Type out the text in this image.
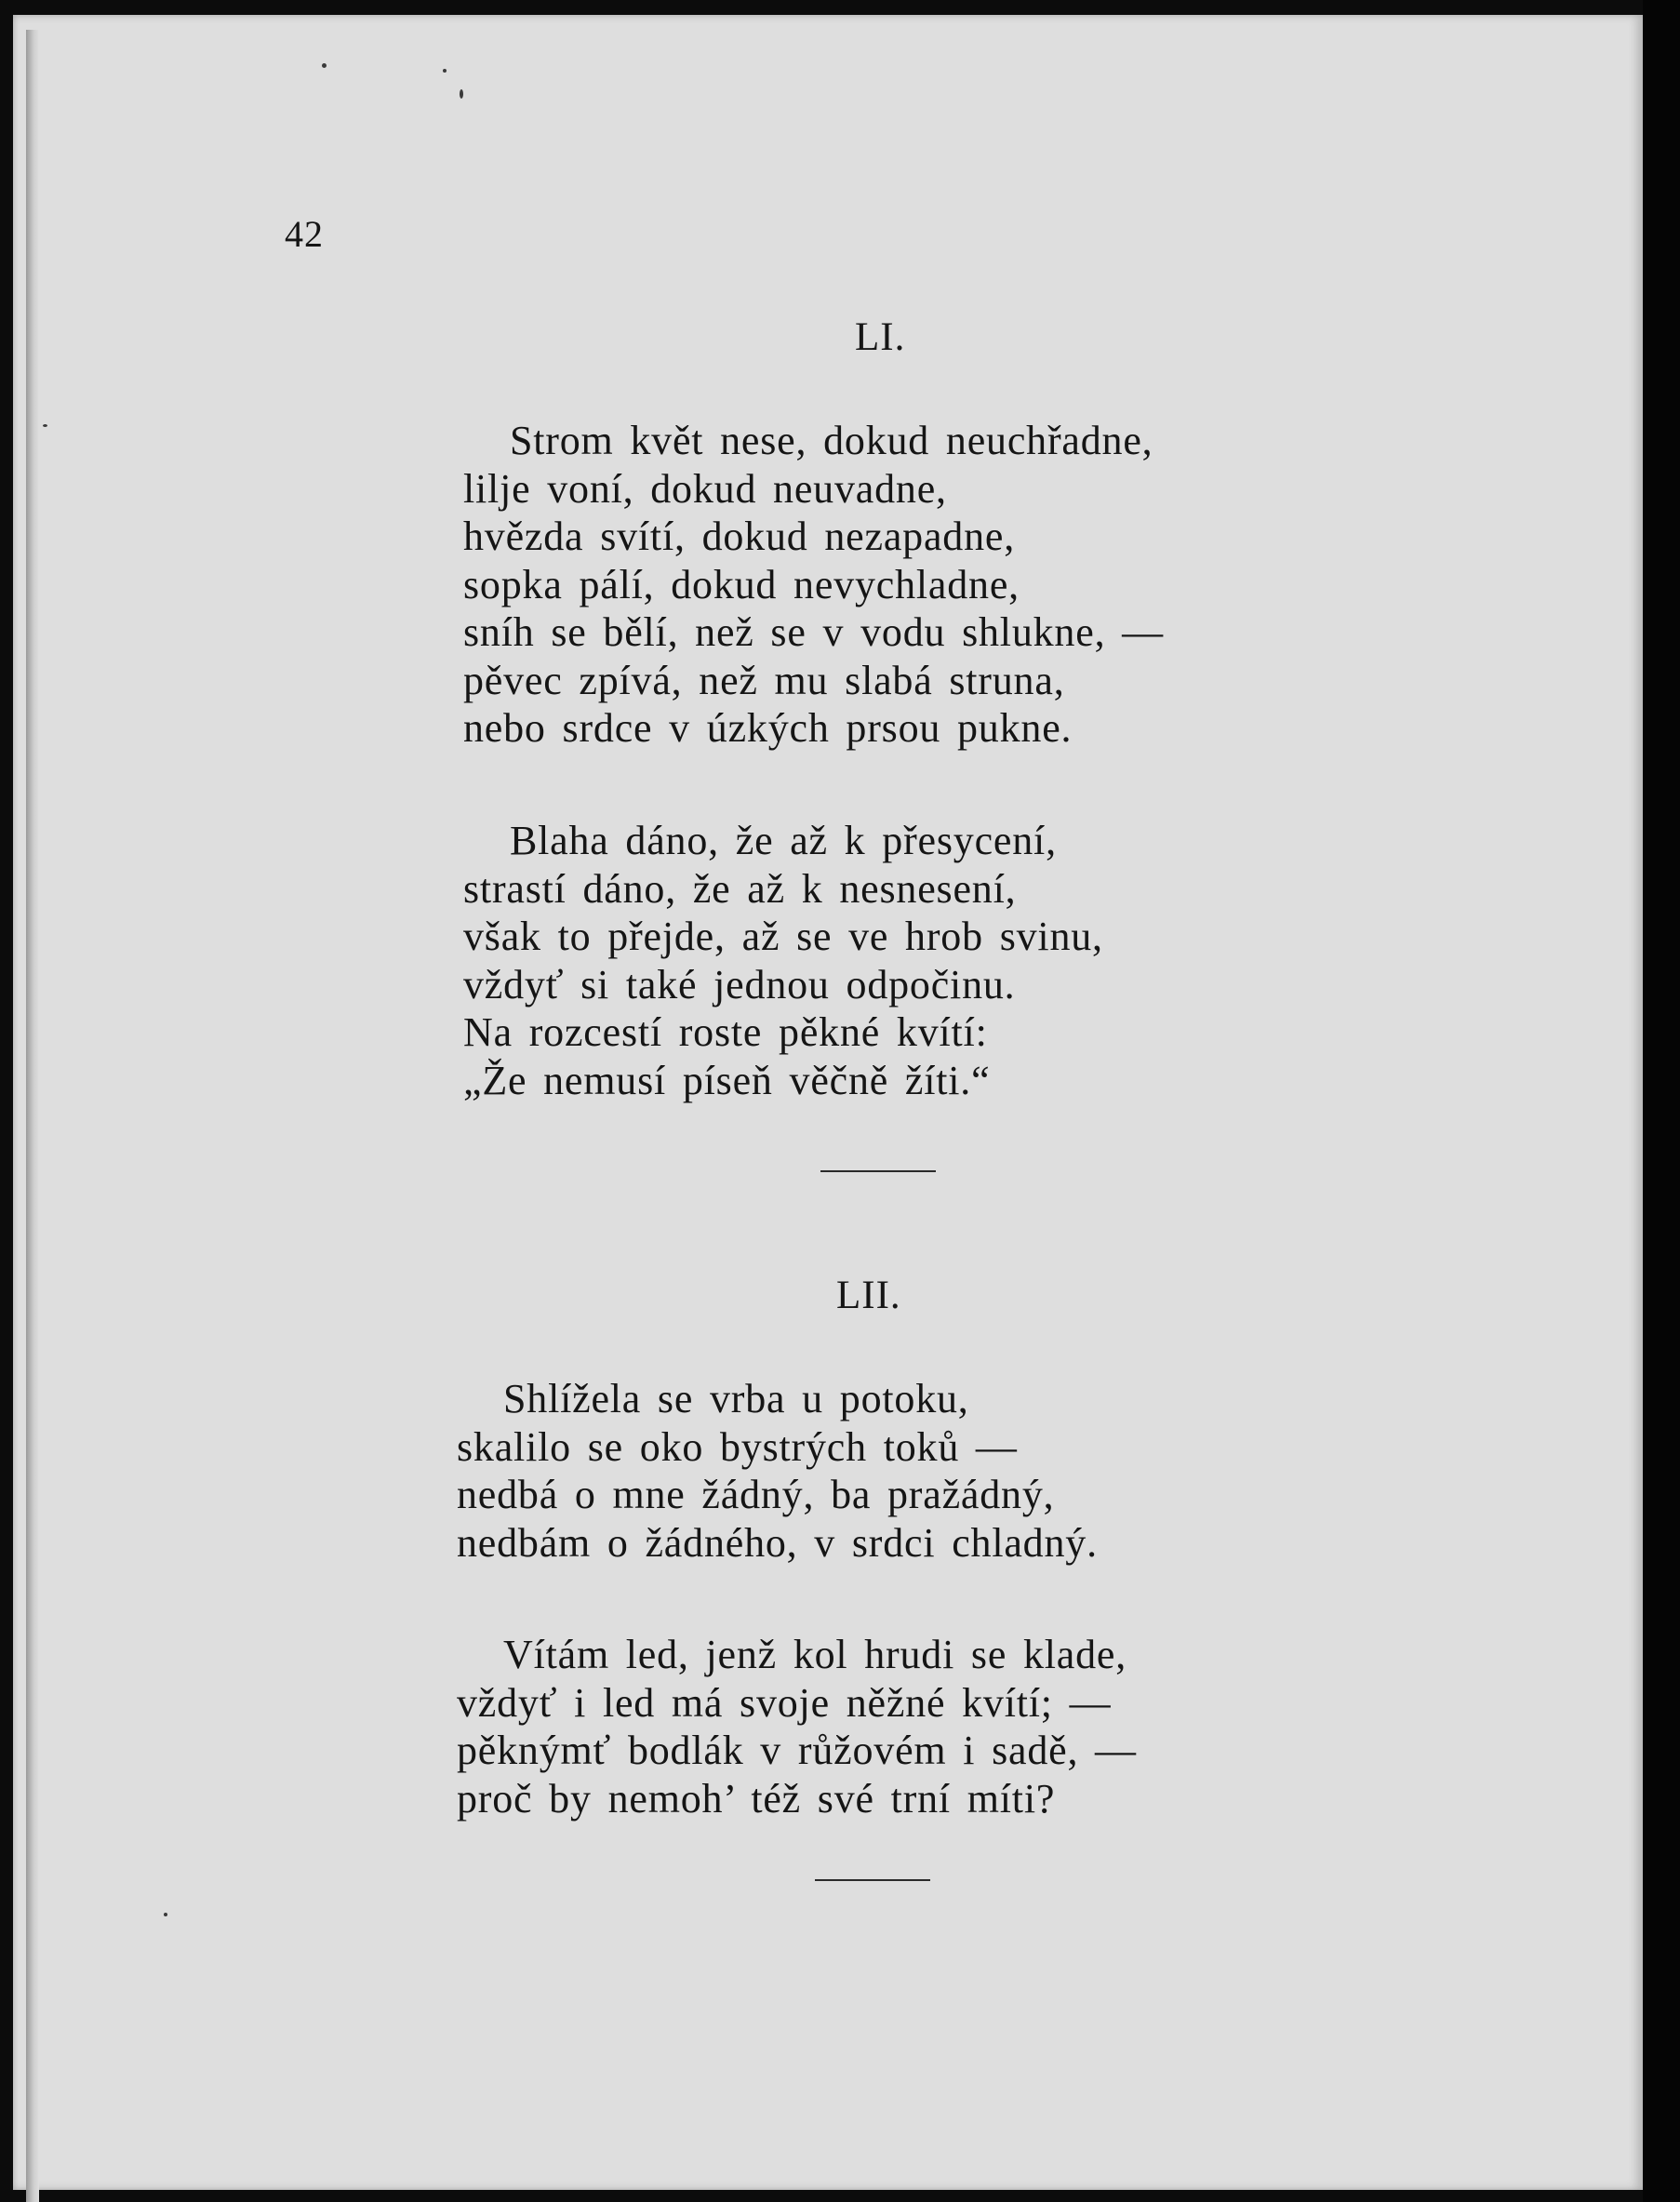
42
LI.
Strom květ nese, dokud neuchřadne,
lilje voní, dokud neuvadne,
hvězda svítí, dokud nezapadne,
sopka pálí, dokud nevychladne,
sníh se bělí, než se v vodu shlukne, —
pěvec zpívá, než mu slabá struna,
nebo srdce v úzkých prsou pukne.
Blaha dáno, že až k přesycení,
strastí dáno, že až k nesnesení,
však to přejde, až se ve hrob svinu,
vždyť si také jednou odpočinu.
Na rozcestí roste pěkné kvítí:
„Že nemusí píseň věčně žíti.“
LII.
Shlížela se vrba u potoku,
skalilo se oko bystrých toků —
nedbá o mne žádný, ba pražádný,
nedbám o žádného, v srdci chladný.
Vítám led, jenž kol hrudi se klade,
vždyť i led má svoje něžné kvítí; —
pěknýmť bodlák v růžovém i sadě, —
proč by nemoh’ též své trní míti?
